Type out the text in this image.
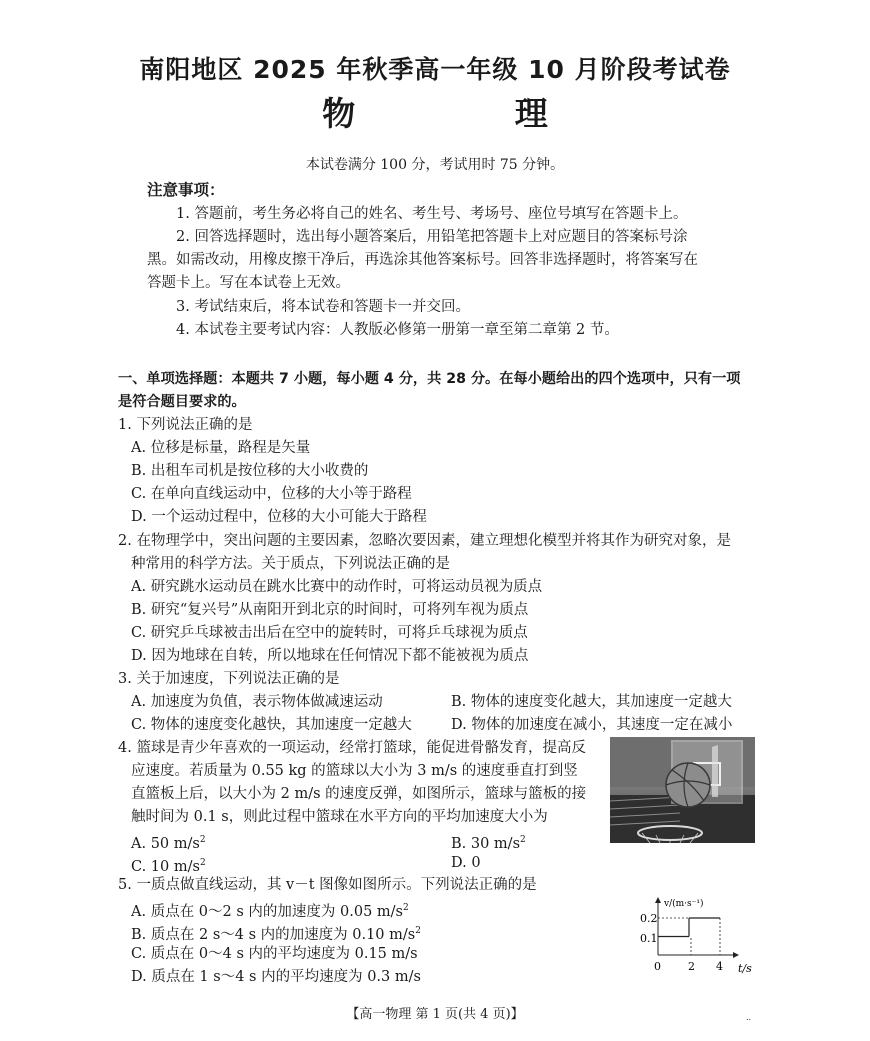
南阳地区 2025 年秋季高一年级 10 月阶段考试卷
物 理
本试卷满分 100 分，考试用时 75 分钟。
注意事项：
1. 答题前，考生务必将自己的姓名、考生号、考场号、座位号填写在答题卡上。
2. 回答选择题时，选出每小题答案后，用铅笔把答题卡上对应题目的答案标号涂
黑。如需改动，用橡皮擦干净后，再选涂其他答案标号。回答非选择题时，将答案写在
答题卡上。写在本试卷上无效。
3. 考试结束后，将本试卷和答题卡一并交回。
4. 本试卷主要考试内容：人教版必修第一册第一章至第二章第 2 节。
一、单项选择题：本题共 7 小题，每小题 4 分，共 28 分。在每小题给出的四个选项中，只有一项
是符合题目要求的。
1. 下列说法正确的是
A. 位移是标量，路程是矢量
B. 出租车司机是按位移的大小收费的
C. 在单向直线运动中，位移的大小等于路程
D. 一个运动过程中，位移的大小可能大于路程
2. 在物理学中，突出问题的主要因素，忽略次要因素，建立理想化模型并将其作为研究对象，是
种常用的科学方法。关于质点，下列说法正确的是
A. 研究跳水运动员在跳水比赛中的动作时，可将运动员视为质点
B. 研究“复兴号”从南阳开到北京的时间时，可将列车视为质点
C. 研究乒乓球被击出后在空中的旋转时，可将乒乓球视为质点
D. 因为地球在自转，所以地球在任何情况下都不能被视为质点
3. 关于加速度，下列说法正确的是
A. 加速度为负值，表示物体做减速运动	B. 物体的速度变化越大，其加速度一定越大
C. 物体的速度变化越快，其加速度一定越大	D. 物体的加速度在减小，其速度一定在减小
4. 篮球是青少年喜欢的一项运动，经常打篮球，能促进骨骼发育，提高反
应速度。若质量为 0.55 kg 的篮球以大小为 3 m/s 的速度垂直打到竖
直篮板上后，以大小为 2 m/s 的速度反弹，如图所示，篮球与篮板的接
触时间为 0.1 s，则此过程中篮球在水平方向的平均加速度大小为
A. 50 $m/s^2$	B. 30 $m/s^2$
C. 10 $m/s^2$	D. 0
5. 一质点做直线运动，其 v－t 图像如图所示。下列说法正确的是
A. 质点在 0～2 s 内的加速度为 0.05 $m/s^2$
B. 质点在 2 s～4 s 内的加速度为 0.10 $m/s^2$
C. 质点在 0～4 s 内的平均速度为 0.15 m/s
D. 质点在 1 s～4 s 内的平均速度为 0.3 m/s
v/(m·s⁻¹)
t/s
0.2
0.1
0 2 4
【高一物理 第 1 页(共 4 页)】	..
